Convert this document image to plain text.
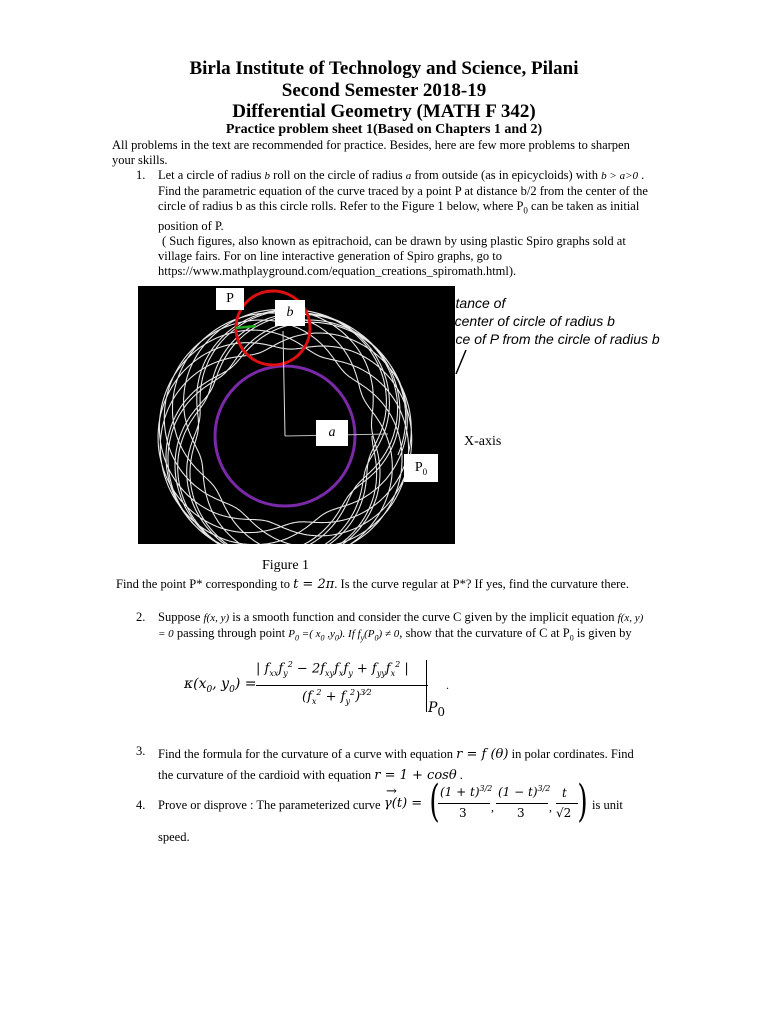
Birla Institute of Technology and Science, Pilani
Second Semester 2018-19
Differential Geometry (MATH F 342)
Practice problem sheet 1(Based on Chapters 1 and 2)
All problems in the text are recommended for practice. Besides, here are few more problems to sharpen
your skills.
1. Let a circle of radius b roll on the circle of radius a from outside (as in epicycloids) with b > a>0 .
Find the parametric equation of the curve traced by a point P at distance b/2 from the center of the
circle of radius b as this circle rolls. Refer to the Figure 1 below, where $P_0$ can be taken as initial
position of P.
( Such figures, also known as epitrachoid, can be drawn by using plastic Spiro graphs sold at
village fairs. For on line interactive generation of Spiro graphs, go to
https://www.mathplayground.com/equation_creations_spiromath.html).
P
b
a
$P_0$
b/2=distance of
P from center of circle of radius b
=distance of P from the circle of radius b
X-axis
Figure 1
Find the point P* corresponding to t = 2π. Is the curve regular at P*? If yes, find the curvature there.
2. Suppose f(x, y) is a smooth function and consider the curve C given by the implicit equation f(x, y)
= 0 passing through point $P_0$ =( $x_0$ $,y_0$). If $f_y(P_0) \ne 0$, show that the curvature of C at $P_0$ is given by
$\kappa(x_0$, $y_0$) =
| $f_{xx}f_y^2 - 2f_{xy}f_xf_y + f_{yy}f_x^2$ |
$(f_x^2 + f_y^2)^{3⁄2}$
$P_0$
.
3. Find the formula for the curvature of a curve with equation r = f (θ) in polar cordinates. Find
the curvature of the cardioid with equation r = 1 + cosθ .
4. Prove or disprove : The parameterized curve
→
γ(t) = ( $(1 + t)^{3/2}$
3 ,
$(1 - t)^{3/2}$
3 ,
t
√2 ) is unit
speed.
